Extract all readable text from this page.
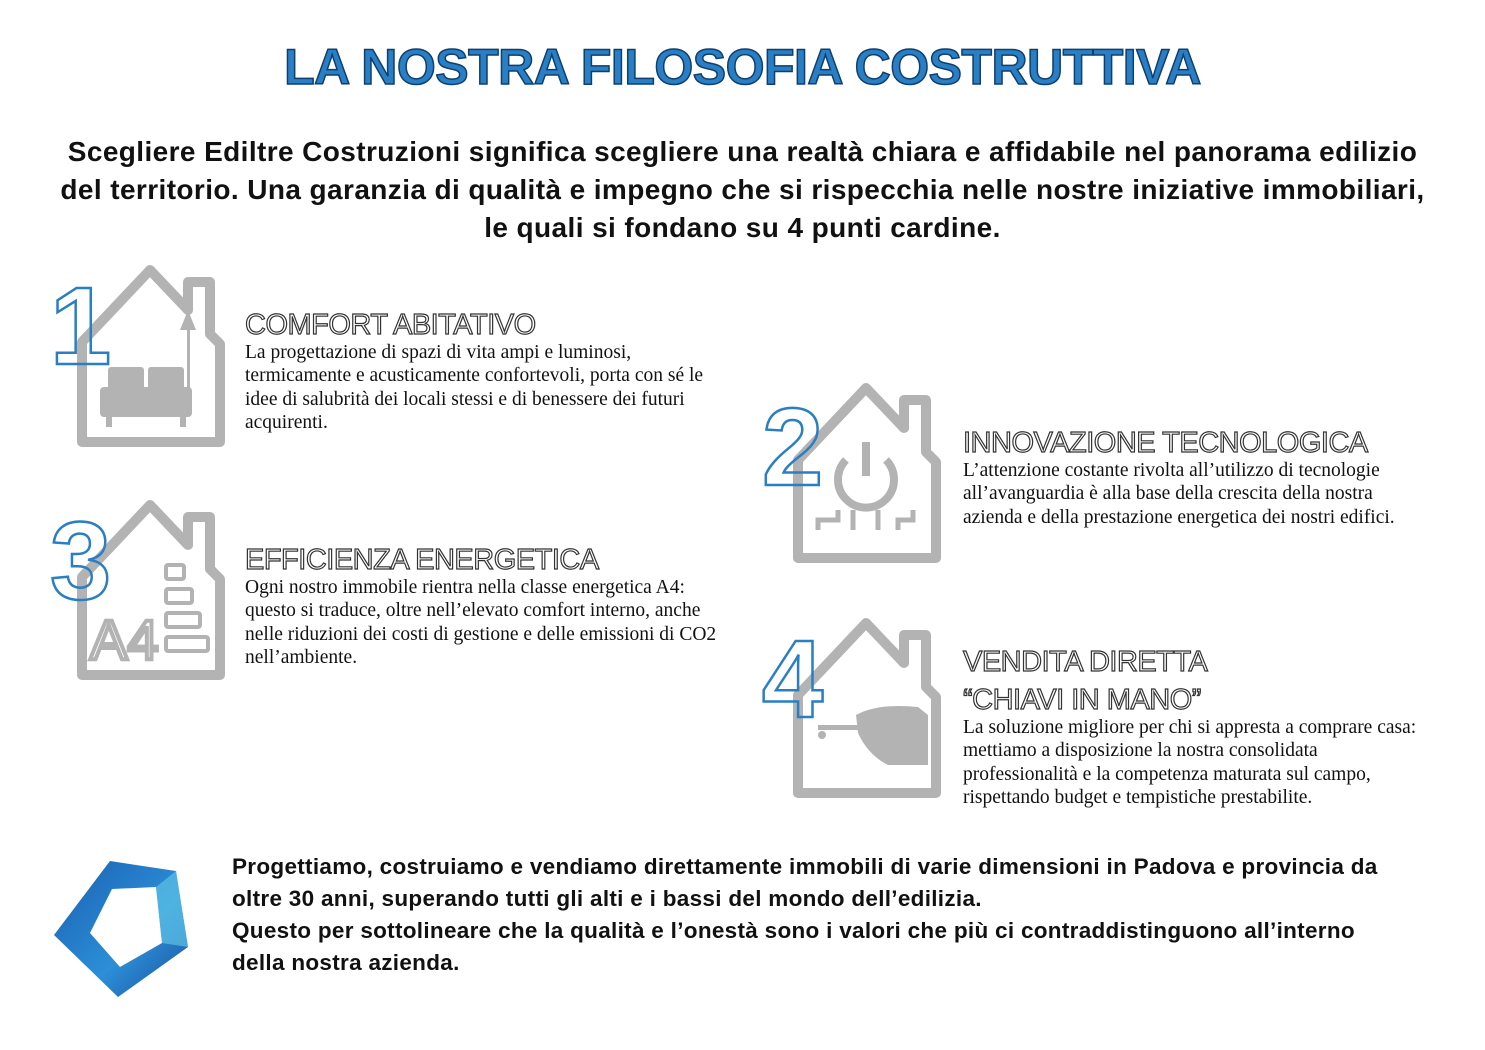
LA NOSTRA FILOSOFIA COSTRUTTIVA
Scegliere Ediltre Costruzioni significa scegliere una realtà chiara e affidabile nel panorama edilizio del territorio. Una garanzia di qualità e impegno che si rispecchia nelle nostre iniziative immobiliari, le quali si fondano su 4 punti cardine.
1	COMFORT ABITATIVO
La progettazione di spazi di vita ampi e luminosi, termicamente e acusticamente confortevoli, porta con sé le idee di salubrità dei locali stessi e di benessere dei futuri acquirenti.
A4
3	EFFICIENZA ENERGETICA
Ogni nostro immobile rientra nella classe energetica A4: questo si traduce, oltre nell’elevato comfort interno, anche nelle riduzioni dei costi di gestione e delle emissioni di CO2 nell’ambiente.
2	INNOVAZIONE TECNOLOGICA
L’attenzione costante rivolta all’utilizzo di tecnologie all’avanguardia è alla base della crescita della nostra azienda e della prestazione energetica dei nostri edifici.
4	VENDITA DIRETTA
“CHIAVI IN MANO”
La soluzione migliore per chi si appresta a comprare casa: mettiamo a disposizione la nostra consolidata professionalità e la competenza maturata sul campo, rispettando budget e tempistiche prestabilite.
Progettiamo, costruiamo e vendiamo direttamente immobili di varie dimensioni in Padova e provincia da oltre 30 anni, superando tutti gli alti e i bassi del mondo dell’edilizia.
Questo per sottolineare che la qualità e l’onestà sono i valori che più ci contraddistinguono all’interno della nostra azienda.
